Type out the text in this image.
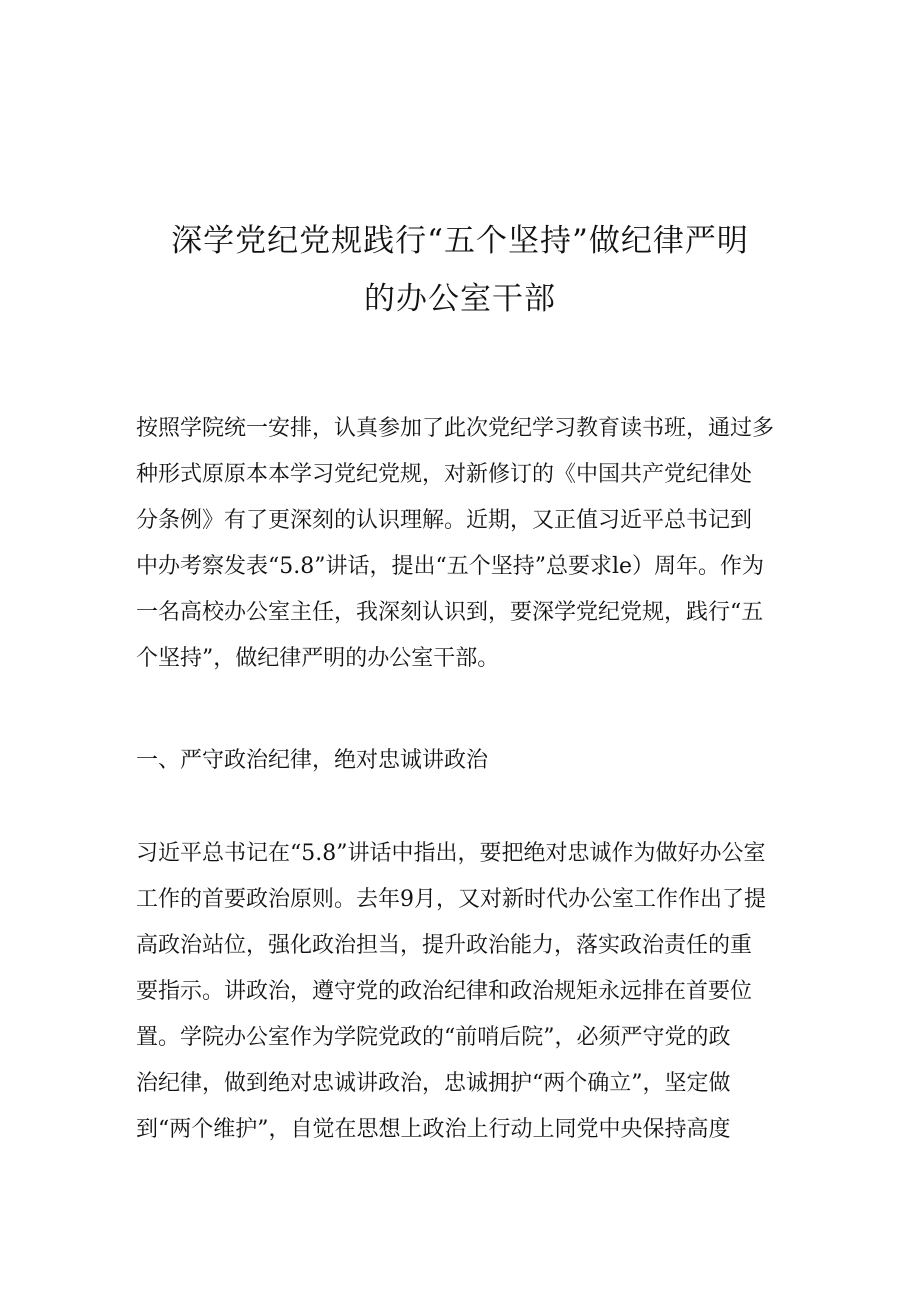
深学党纪党规践行“五个坚持”做纪律严明
的办公室干部
按照学院统一安排，认真参加了此次党纪学习教育读书班，通过多
种形式原原本本学习党纪党规，对新修订的《中国共产党纪律处
分条例》有了更深刻的认识理解。近期，又正值习近平总书记到
中办考察发表“5.8”讲话，提出“五个坚持”总要求le）周年。作为
一名高校办公室主任，我深刻认识到，要深学党纪党规，践行“五
个坚持”，做纪律严明的办公室干部。
一、严守政治纪律，绝对忠诚讲政治
习近平总书记在“5.8”讲话中指出，要把绝对忠诚作为做好办公室
工作的首要政治原则。去年9月，又对新时代办公室工作作出了提
高政治站位，强化政治担当，提升政治能力，落实政治责任的重
要指示。讲政治，遵守党的政治纪律和政治规矩永远排在首要位
置。学院办公室作为学院党政的“前哨后院”，必须严守党的政
治纪律，做到绝对忠诚讲政治，忠诚拥护“两个确立”，坚定做
到“两个维护”，自觉在思想上政治上行动上同党中央保持高度
